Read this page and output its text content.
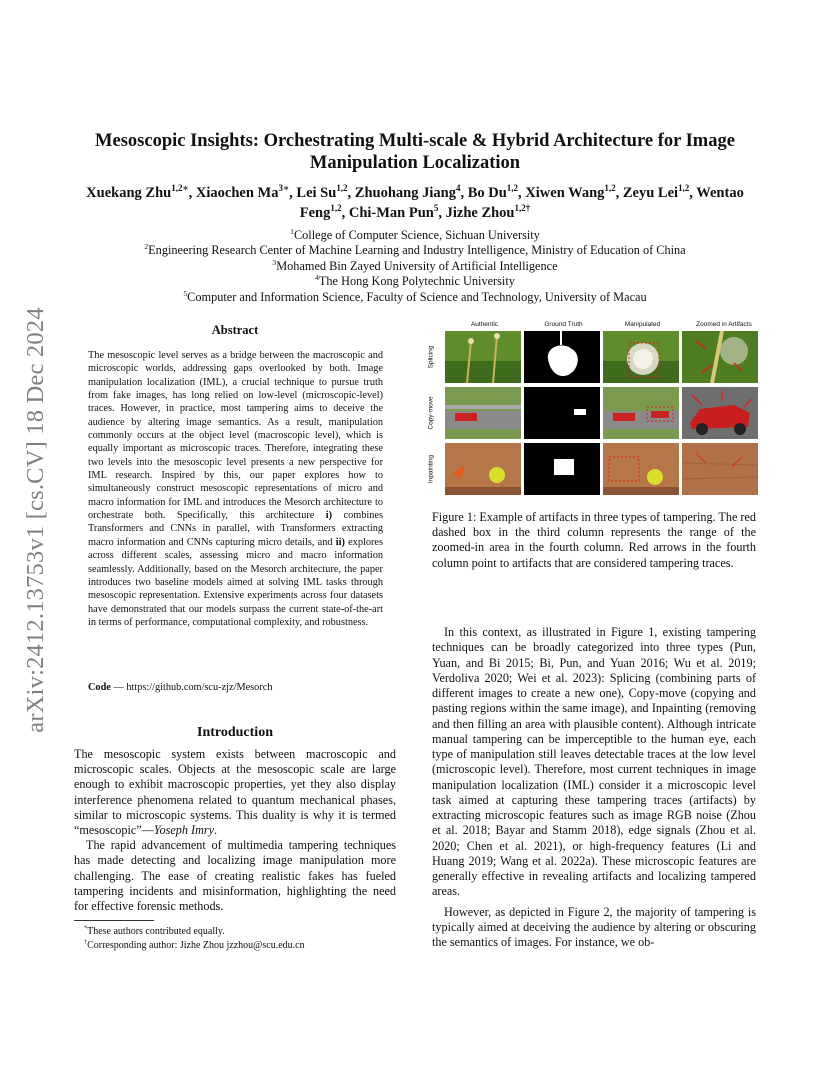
arXiv:2412.13753v1 [cs.CV] 18 Dec 2024
Mesoscopic Insights: Orchestrating Multi-scale & Hybrid Architecture for Image Manipulation Localization
Xuekang Zhu$^{1,2∗}$, Xiaochen $Ma^{3∗}$, Lei Su$^{1,2}$, Zhuohang Jiang$^4$, Bo Du$^{1,2}$, Xiwen Wang$^{1,2}$, Zeyu Lei$^{1,2}$, Wentao Feng$^{1,2}$, Chi-Man Pun$^5$, Jizhe Zhou$^{1,2\dagger}$
$^1$College of Computer Science, Sichuan University
$^2$Engineering Research Center of Machine Learning and Industry Intelligence, Ministry of Education of China
$^3$Mohamed Bin Zayed University of Artificial Intelligence
$^4$The Hong Kong Polytechnic University
$^5$Computer and Information Science, Faculty of Science and Technology, University of Macau
Abstract
The mesoscopic level serves as a bridge between the macroscopic and microscopic worlds, addressing gaps overlooked by both. Image manipulation localization (IML), a crucial technique to pursue truth from fake images, has long relied on low-level (microscopic-level) traces. However, in practice, most tampering aims to deceive the audience by altering image semantics. As a result, manipulation commonly occurs at the object level (macroscopic level), which is equally important as microscopic traces. Therefore, integrating these two levels into the mesoscopic level presents a new perspective for IML research. Inspired by this, our paper explores how to simultaneously construct mesoscopic representations of micro and macro information for IML and introduces the Mesorch architecture to orchestrate both. Specifically, this architecture i) combines Transformers and CNNs in parallel, with Transformers extracting macro information and CNNs capturing micro details, and ii) explores across different scales, assessing micro and macro information seamlessly. Additionally, based on the Mesorch architecture, the paper introduces two baseline models aimed at solving IML tasks through mesoscopic representation. Extensive experiments across four datasets have demonstrated that our models surpass the current state-of-the-art in terms of performance, computational complexity, and robustness.
Code — https://github.com/scu-zjz/Mesorch
Introduction

The mesoscopic system exists between macroscopic and microscopic scales. Objects at the mesoscopic scale are large enough to exhibit macroscopic properties, yet they also display interference phenomena related to quantum mechanical phases, similar to microscopic systems. This duality is why it is termed “mesoscopic”—Yoseph Imry.

The rapid advancement of multimedia tampering techniques has made detecting and localizing image manipulation more challenging. The ease of creating realistic fakes has fueled tampering incidents and misinformation, highlighting the need for effective forensic methods.

*These authors contributed equally.
†Corresponding author: Jizhe Zhou jzzhou@scu.edu.cn
Authentic	Ground Truth	Manipulated	Zoomed in Artifacts
Splicing
Copy-move
Inpainting
Figure 1: Example of artifacts in three types of tampering. The red dashed box in the third column represents the range of the zoomed-in area in the fourth column. Red arrows in the fourth column point to artifacts that are considered tampering traces.

In this context, as illustrated in Figure 1, existing tampering techniques can be broadly categorized into three types (Pun, Yuan, and Bi 2015; Bi, Pun, and Yuan 2016; Wu et al. 2019; Verdoliva 2020; Wei et al. 2023): Splicing (combining parts of different images to create a new one), Copy-move (copying and pasting regions within the same image), and Inpainting (removing and then filling an area with plausible content). Although intricate manual tampering can be imperceptible to the human eye, each type of manipulation still leaves detectable traces at the low level (microscopic level). Therefore, most current techniques in image manipulation localization (IML) consider it a microscopic level task aimed at capturing these tampering traces (artifacts) by extracting microscopic features such as image RGB noise (Zhou et al. 2018; Bayar and Stamm 2018), edge signals (Zhou et al. 2020; Chen et al. 2021), or high-frequency features (Li and Huang 2019; Wang et al. 2022a). These microscopic features are generally effective in revealing artifacts and localizing tampered areas.

However, as depicted in Figure 2, the majority of tampering is typically aimed at deceiving the audience by altering or obscuring the semantics of images. For instance, we ob-
